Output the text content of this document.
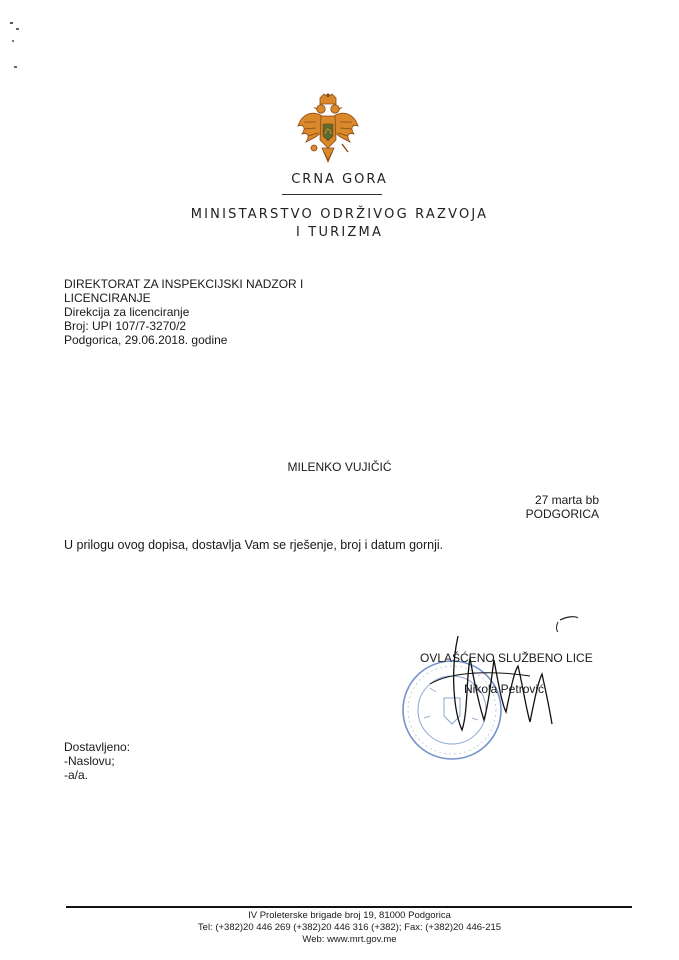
CRNA GORA
MINISTARSTVO ODRŽIVOG RAZVOJA
I TURIZMA
DIREKTORAT ZA INSPEKCIJSKI NADZOR I
LICENCIRANJE
Direkcija za licenciranje
Broj: UPI 107/7-3270/2
Podgorica, 29.06.2018. godine
MILENKO VUJIČIĆ
27 marta bb
PODGORICA
U prilogu ovog dopisa, dostavlja Vam se rješenje, broj i datum gornji.
OVLAŠĆENO SLUŽBENO LICE
Nikola Petrović
Dostavljeno:
-Naslovu;
-a/a.
IV Proleterske brigade broj 19, 81000 Podgorica
Tel: (+382)20 446 269 (+382)20 446 316 (+382); Fax: (+382)20 446-215
Web: www.mrt.gov.me
